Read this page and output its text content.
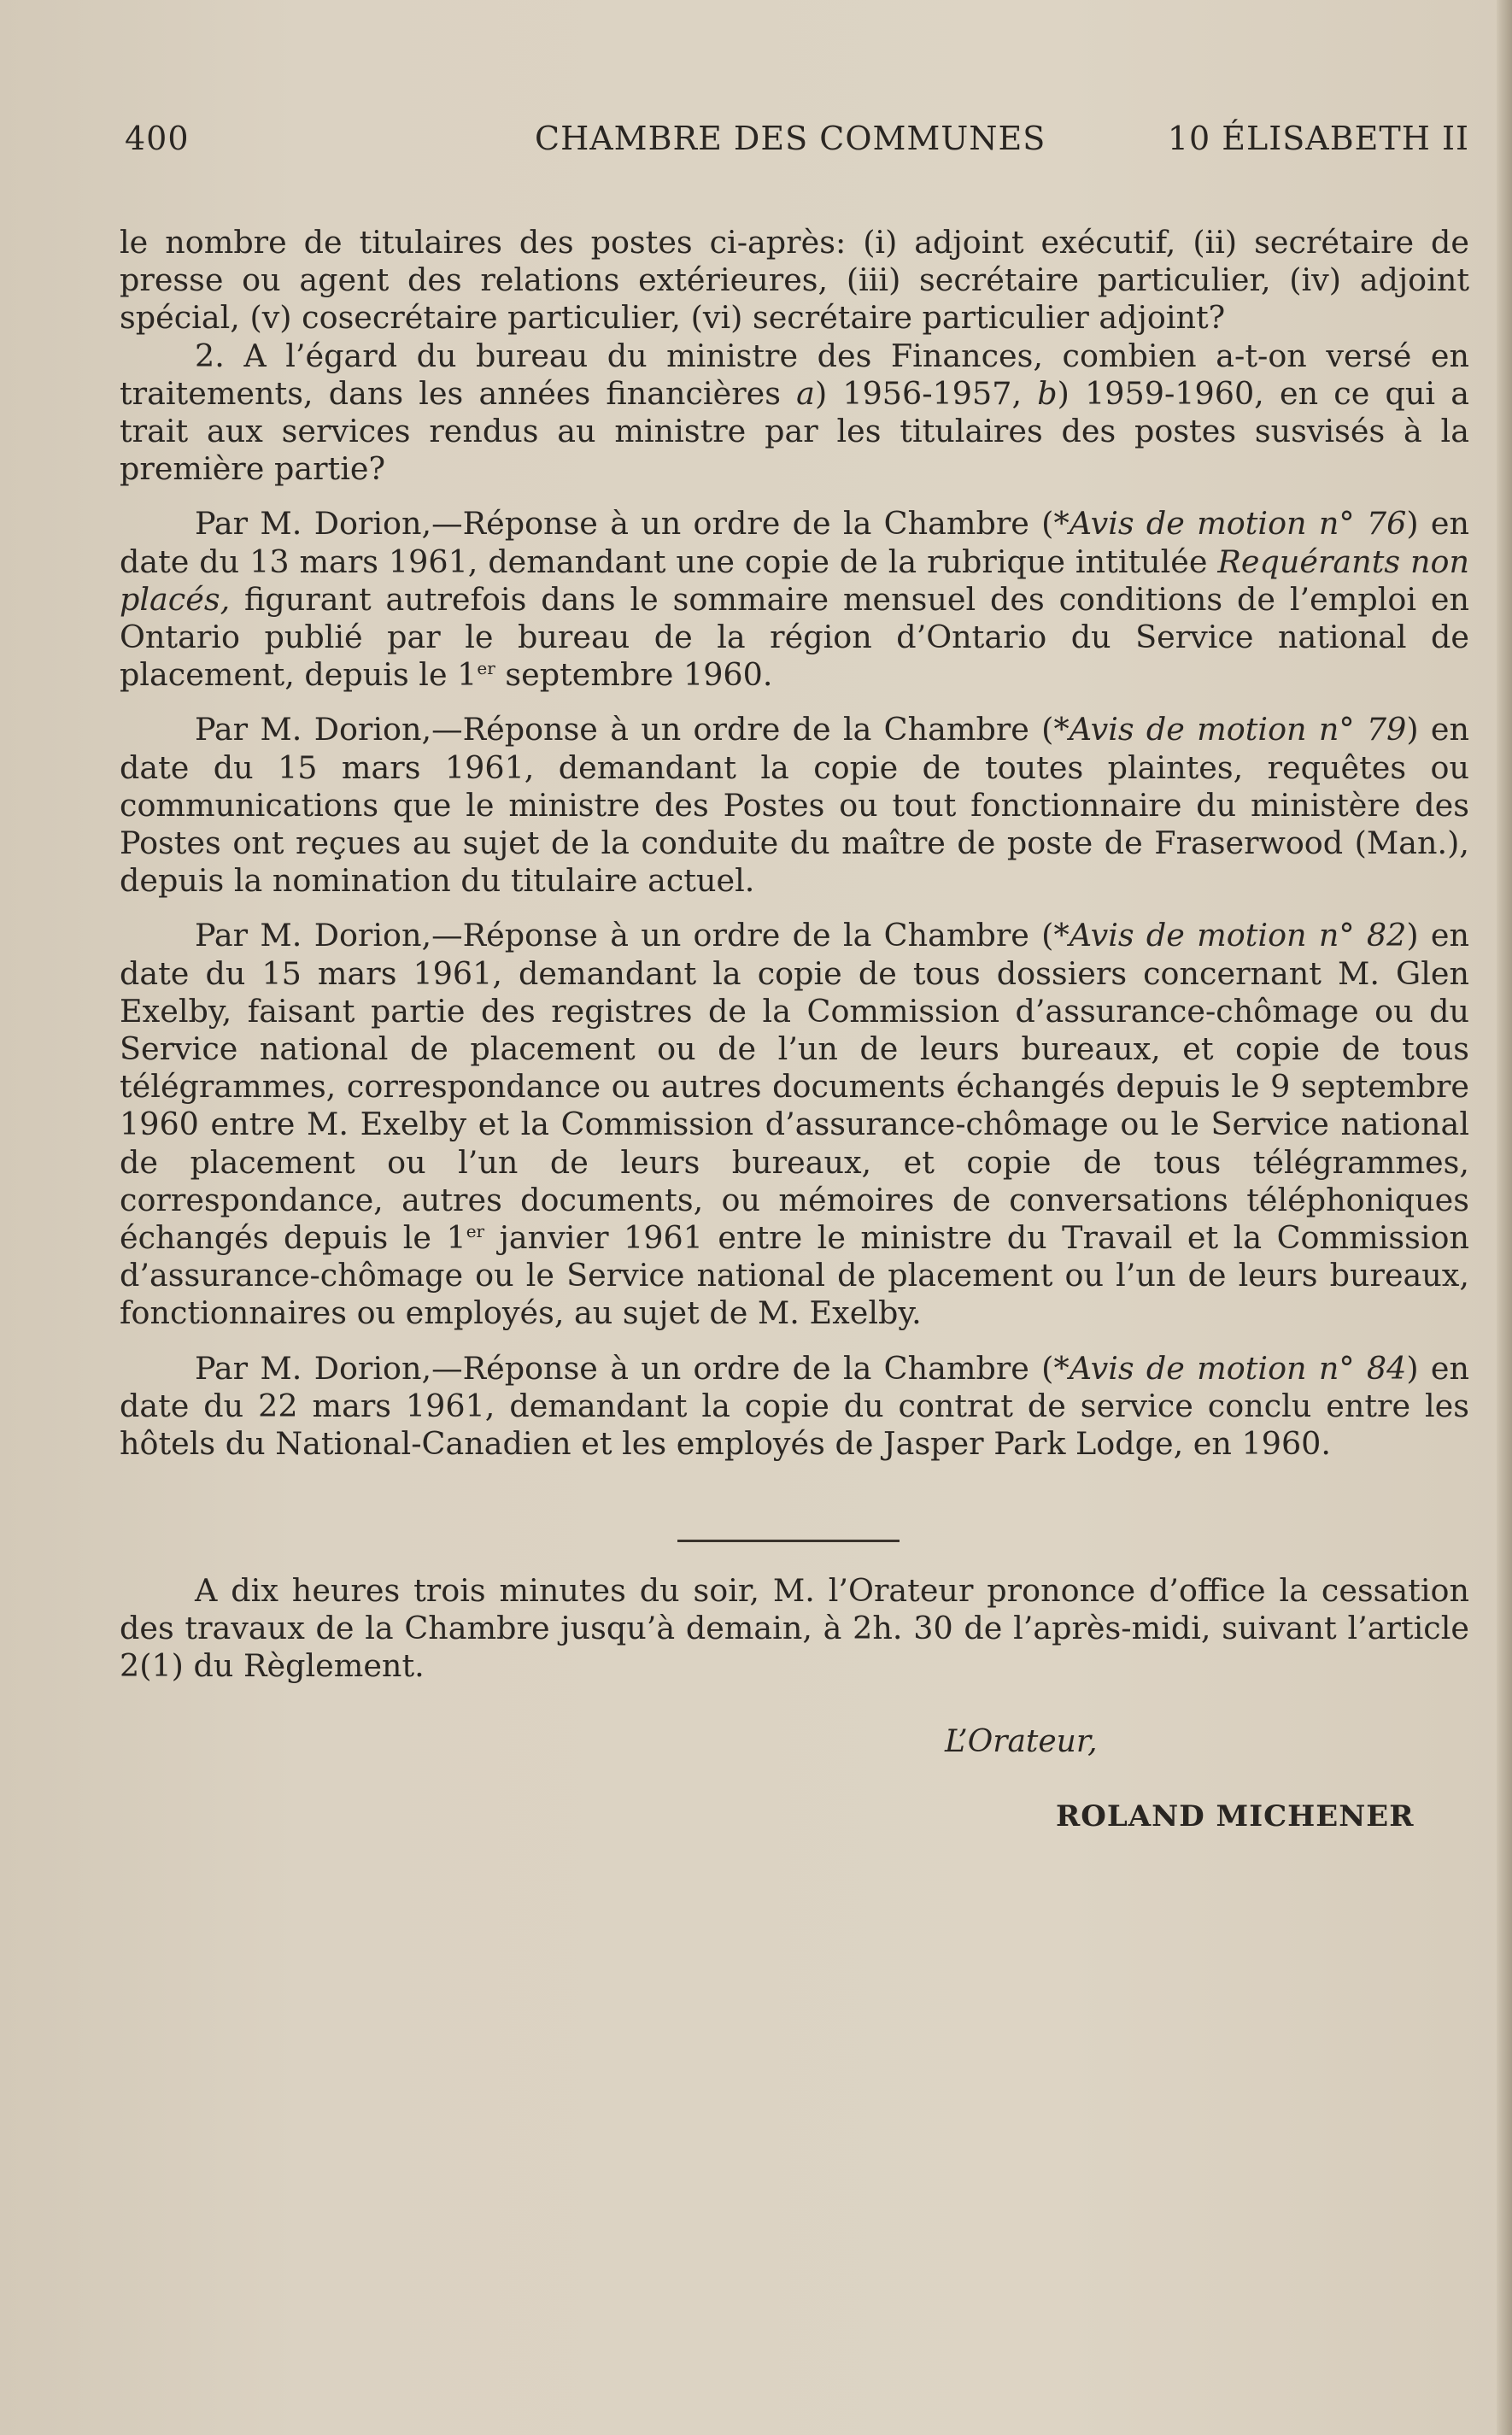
400	CHAMBRE DES COMMUNES	10 ÉLISABETH II

le nombre de titulaires des postes ci-après: (i) adjoint exécutif, (ii) secrétaire de presse ou agent des relations extérieures, (iii) secrétaire particulier, (iv) adjoint spécial, (v) cosecrétaire particulier, (vi) secrétaire particulier adjoint?

2. A l’égard du bureau du ministre des Finances, combien a-t-on versé en traitements, dans les années financières a) 1956-1957, b) 1959-1960, en ce qui a trait aux services rendus au ministre par les titulaires des postes susvisés à la première partie?

Par M. Dorion,—Réponse à un ordre de la Chambre (*Avis de motion n° 76) en date du 13 mars 1961, demandant une copie de la rubrique intitulée Requérants non placés, figurant autrefois dans le sommaire mensuel des conditions de l’emploi en Ontario publié par le bureau de la région d’Ontario du Service national de placement, depuis le 1er septembre 1960.

Par M. Dorion,—Réponse à un ordre de la Chambre (*Avis de motion n° 79) en date du 15 mars 1961, demandant la copie de toutes plaintes, requêtes ou communications que le ministre des Postes ou tout fonctionnaire du ministère des Postes ont reçues au sujet de la conduite du maître de poste de Fraserwood (Man.), depuis la nomination du titulaire actuel.

Par M. Dorion,—Réponse à un ordre de la Chambre (*Avis de motion n° 82) en date du 15 mars 1961, demandant la copie de tous dossiers concernant M. Glen Exelby, faisant partie des registres de la Commission d’assurance-chômage ou du Service national de placement ou de l’un de leurs bureaux, et copie de tous télégrammes, correspondance ou autres documents échangés depuis le 9 septembre 1960 entre M. Exelby et la Commission d’assurance-chômage ou le Service national de placement ou l’un de leurs bureaux, et copie de tous télégrammes, correspondance, autres documents, ou mémoires de conversations téléphoniques échangés depuis le 1er janvier 1961 entre le ministre du Travail et la Commission d’assurance-chômage ou le Service national de placement ou l’un de leurs bureaux, fonctionnaires ou employés, au sujet de M. Exelby.

Par M. Dorion,—Réponse à un ordre de la Chambre (*Avis de motion n° 84) en date du 22 mars 1961, demandant la copie du contrat de service conclu entre les hôtels du National-Canadien et les employés de Jasper Park Lodge, en 1960.

A dix heures trois minutes du soir, M. l’Orateur prononce d’office la cessation des travaux de la Chambre jusqu’à demain, à 2h. 30 de l’après-midi, suivant l’article 2(1) du Règlement.

L’Orateur,
ROLAND MICHENER
